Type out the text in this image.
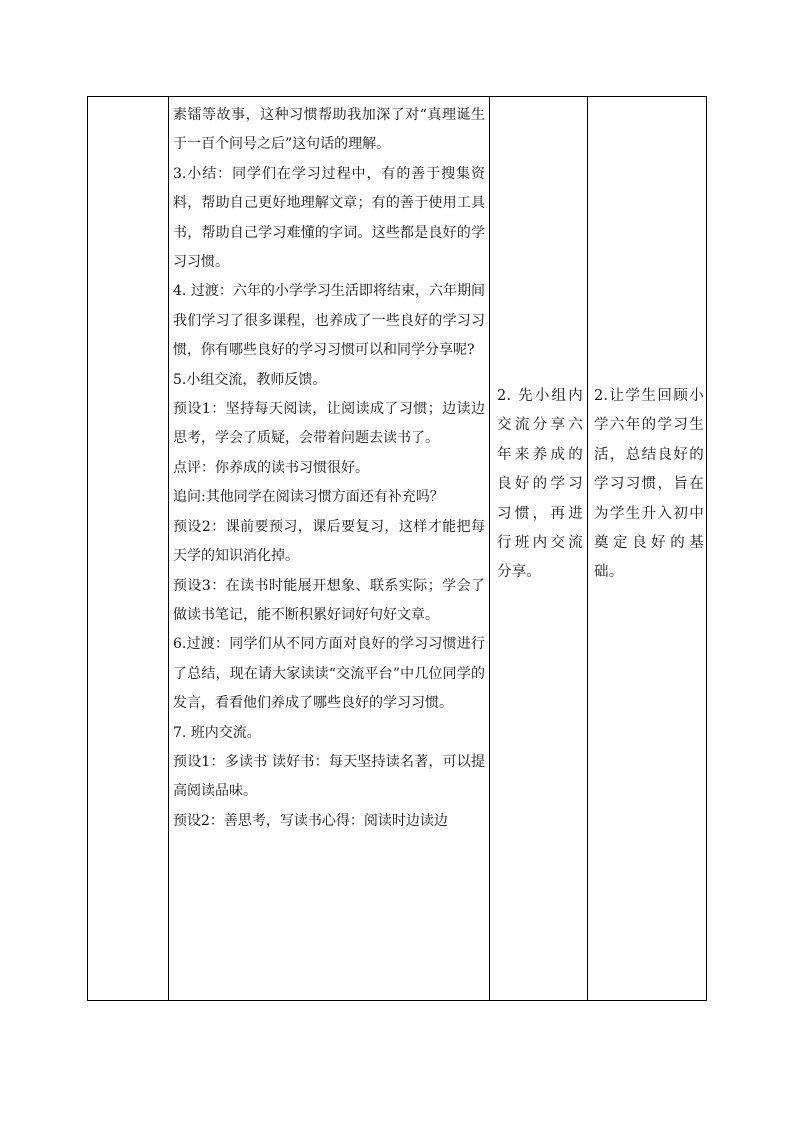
素镭等故事，这种习惯帮助我加深了对“真理诞生于一百个问号之后”这句话的理解。

3.小结：同学们在学习过程中，有的善于搜集资料，帮助自己更好地理解文章；有的善于使用工具书，帮助自己学习难懂的字词。这些都是良好的学习习惯。

4. 过渡：六年的小学学习生活即将结束，六年期间我们学习了很多课程，也养成了一些良好的学习习惯，你有哪些良好的学习习惯可以和同学分享呢?

5.小组交流，教师反馈。

预设1：坚持每天阅读，让阅读成了习惯；边读边思考，学会了质疑，会带着问题去读书了。

点评：你养成的读书习惯很好。

追问:其他同学在阅读习惯方面还有补充吗？

预设2：课前要预习，课后要复习，这样才能把每天学的知识消化掉。

预设3：在读书时能展开想象、联系实际；学会了做读书笔记，能不断积累好词好句好文章。

6.过渡：同学们从不同方面对良好的学习习惯进行了总结，现在请大家读读“交流平台”中几位同学的发言，看看他们养成了哪些良好的学习习惯。

7. 班内交流。

预设1：多读书 读好书：每天坚持读名著，可以提高阅读品味。

预设2：善思考，写读书心得：阅读时边读边

2. 先小组内交流分享六年来养成的良好的学习习惯，再进行班内交流分享。

2.让学生回顾小学六年的学习生活，总结良好的学习习惯，旨在为学生升入初中奠定良好的基础。
